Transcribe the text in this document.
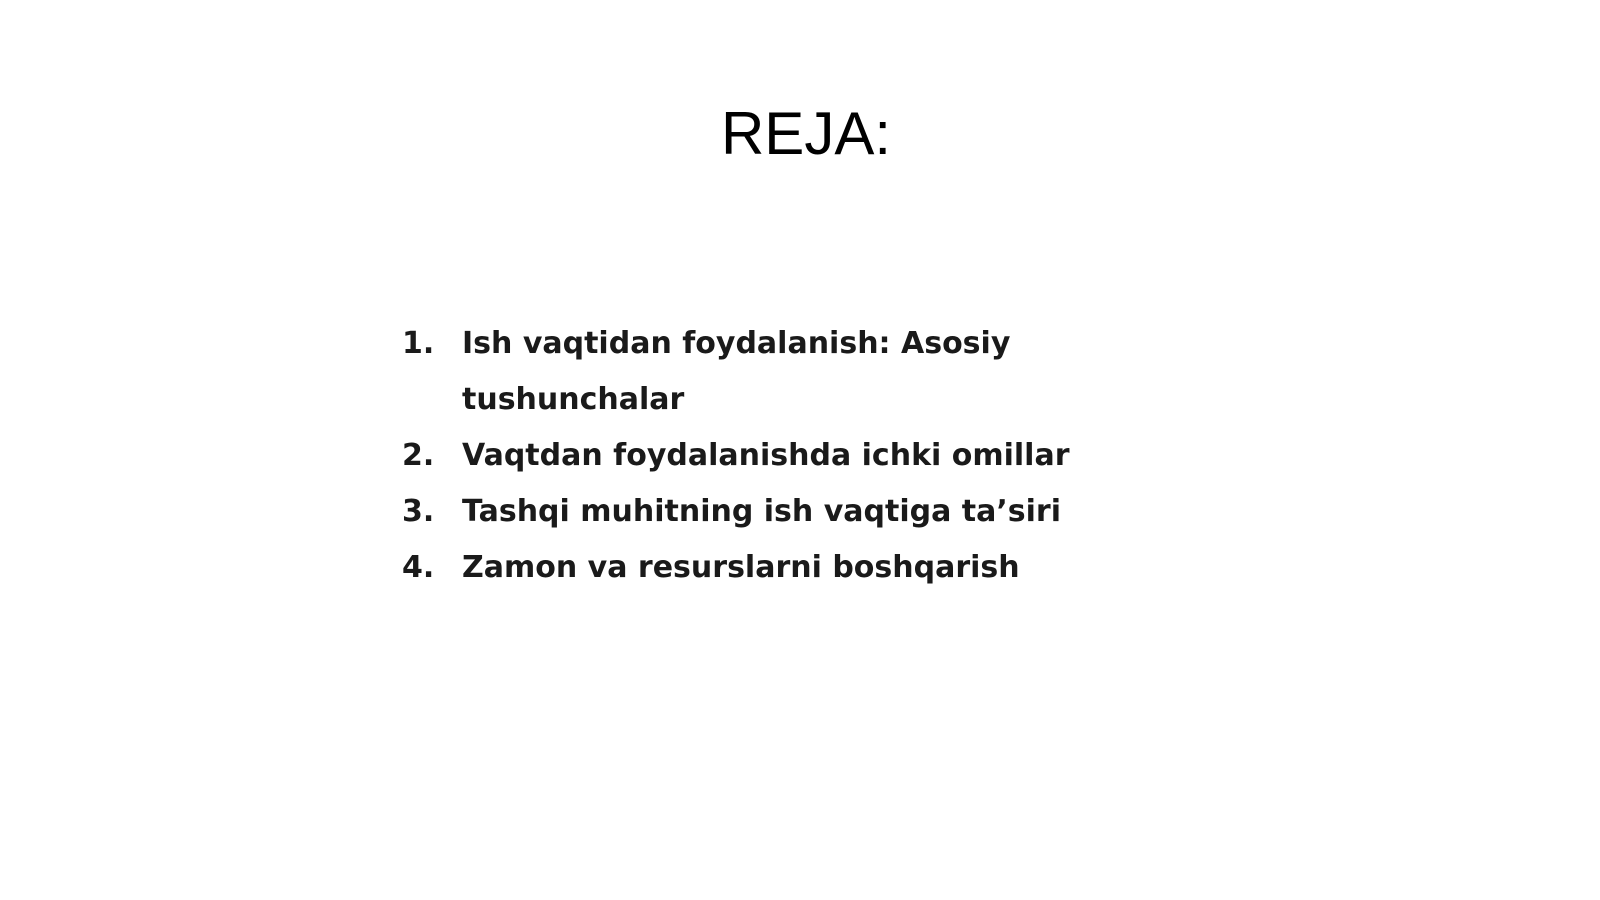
REJA:
1. Ish vaqtidan foydalanish: Asosiy tushunchalar
2. Vaqtdan foydalanishda ichki omillar
3. Tashqi muhitning ish vaqtiga ta’siri
4. Zamon va resurslarni boshqarish
